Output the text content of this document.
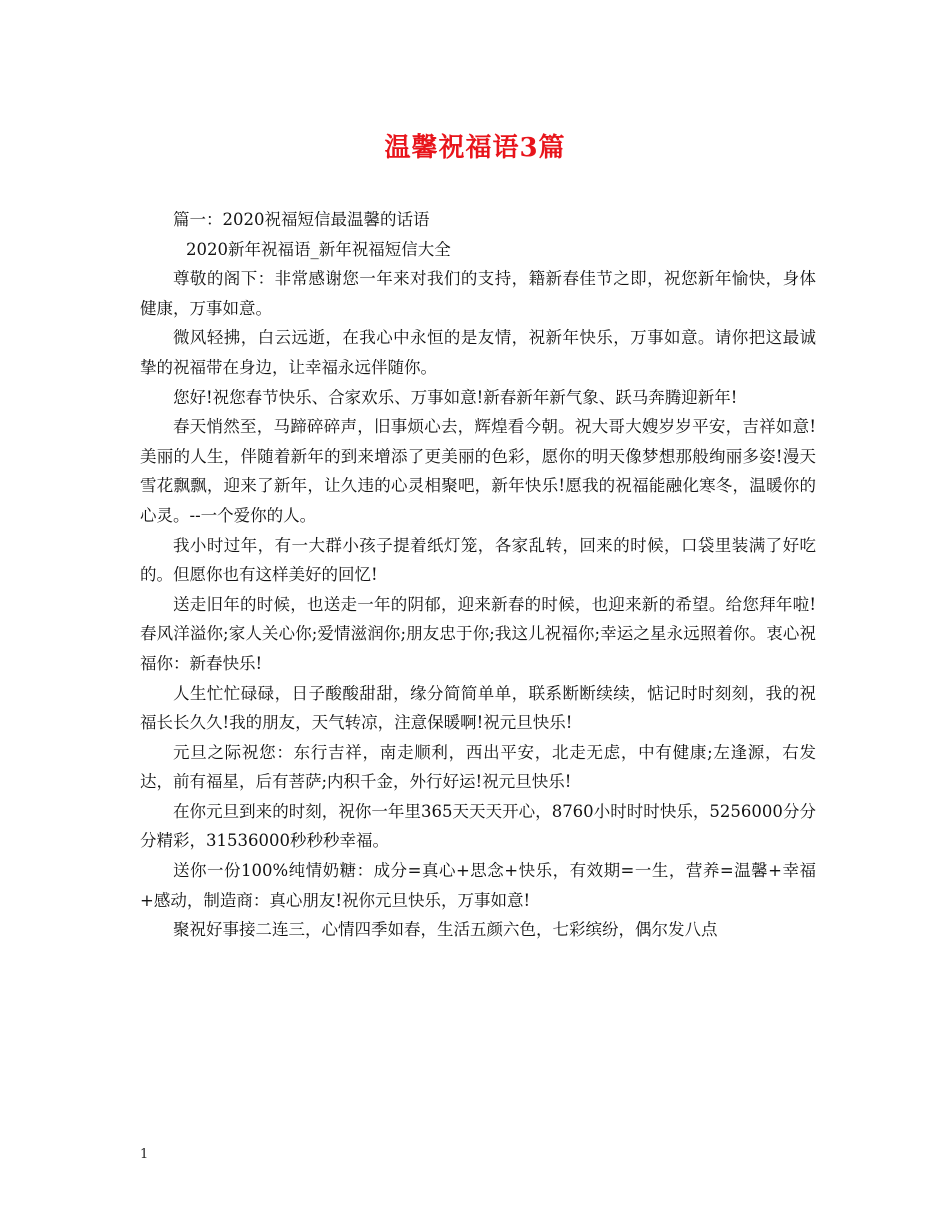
温馨祝福语3篇

篇一：2020祝福短信最温馨的话语

2020新年祝福语_新年祝福短信大全

尊敬的阁下：非常感谢您一年来对我们的支持，籍新春佳节之即，祝您新年愉快，身体健康，万事如意。

微风轻拂，白云远逝，在我心中永恒的是友情，祝新年快乐，万事如意。请你把这最诚挚的祝福带在身边，让幸福永远伴随你。

您好!祝您春节快乐、合家欢乐、万事如意!新春新年新气象、跃马奔腾迎新年!

春天悄然至，马蹄碎碎声，旧事烦心去，辉煌看今朝。祝大哥大嫂岁岁平安，吉祥如意!美丽的人生，伴随着新年的到来增添了更美丽的色彩，愿你的明天像梦想那般绚丽多姿!漫天雪花飘飘，迎来了新年，让久违的心灵相聚吧，新年快乐!愿我的祝福能融化寒冬，温暖你的心灵。--一个爱你的人。

我小时过年，有一大群小孩子提着纸灯笼，各家乱转，回来的时候，口袋里装满了好吃的。但愿你也有这样美好的回忆!

送走旧年的时候，也送走一年的阴郁，迎来新春的时候，也迎来新的希望。给您拜年啦!春风洋溢你;家人关心你;爱情滋润你;朋友忠于你;我这儿祝福你;幸运之星永远照着你。衷心祝福你：新春快乐!

人生忙忙碌碌，日子酸酸甜甜，缘分简简单单，联系断断续续，惦记时时刻刻，我的祝福长长久久!我的朋友，天气转凉，注意保暖啊!祝元旦快乐!

元旦之际祝您：东行吉祥，南走顺利，西出平安，北走无虑，中有健康;左逢源，右发达，前有福星，后有菩萨;内积千金，外行好运!祝元旦快乐!

在你元旦到来的时刻，祝你一年里365天天天开心，8760小时时时快乐，5256000分分分精彩，31536000秒秒秒幸福。

送你一份100%纯情奶糖：成分=真心+思念+快乐，有效期=一生，营养=温馨+幸福+感动，制造商：真心朋友!祝你元旦快乐，万事如意!

聚祝好事接二连三，心情四季如春，生活五颜六色，七彩缤纷，偶尔发八点

1
